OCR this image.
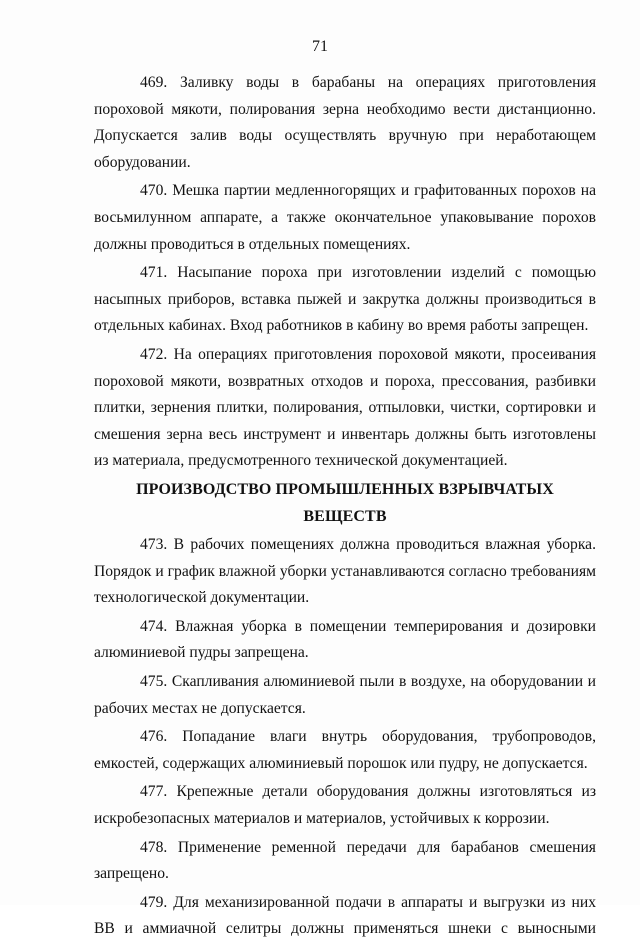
71

469. Заливку воды в барабаны на операциях приготовления пороховой мякоти, полирования зерна необходимо вести дистанционно. Допускается залив воды осуществлять вручную при неработающем оборудовании.

470. Мешка партии медленногорящих и графитованных порохов на восьмилунном аппарате, а также окончательное упаковывание порохов должны проводиться в отдельных помещениях.

471. Насыпание пороха при изготовлении изделий с помощью насыпных приборов, вставка пыжей и закрутка должны производиться в отдельных кабинах. Вход работников в кабину во время работы запрещен.

472. На операциях приготовления пороховой мякоти, просеивания пороховой мякоти, возвратных отходов и пороха, прессования, разбивки плитки, зернения плитки, полирования, отпыловки, чистки, сортировки и смешения зерна весь инструмент и инвентарь должны быть изготовлены из материала, предусмотренного технической документацией.

ПРОИЗВОДСТВО ПРОМЫШЛЕННЫХ ВЗРЫВЧАТЫХ ВЕЩЕСТВ

473. В рабочих помещениях должна проводиться влажная уборка. Порядок и график влажной уборки устанавливаются согласно требованиям технологической документации.

474. Влажная уборка в помещении темперирования и дозировки алюминиевой пудры запрещена.

475. Скапливания алюминиевой пыли в воздухе, на оборудовании и рабочих местах не допускается.

476. Попадание влаги внутрь оборудования, трубопроводов, емкостей, содержащих алюминиевый порошок или пудру, не допускается.

477. Крепежные детали оборудования должны изготовляться из искробезопасных материалов и материалов, устойчивых к коррозии.

478. Применение ременной передачи для барабанов смешения запрещено.

479. Для механизированной подачи в аппараты и выгрузки из них ВВ и аммиачной селитры должны применяться шнеки с выносными
